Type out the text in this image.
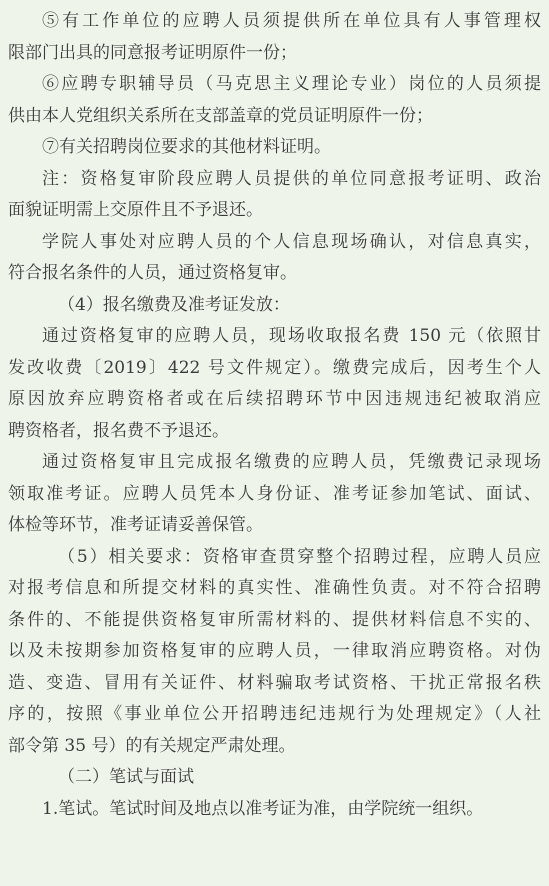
⑤有工作单位的应聘人员须提供所在单位具有人事管理权
限部门出具的同意报考证明原件一份；
⑥应聘专职辅导员（马克思主义理论专业）岗位的人员须提
供由本人党组织关系所在支部盖章的党员证明原件一份；
⑦有关招聘岗位要求的其他材料证明。
注：资格复审阶段应聘人员提供的单位同意报考证明、政治
面貌证明需上交原件且不予退还。
学院人事处对应聘人员的个人信息现场确认，对信息真实，
符合报名条件的人员，通过资格复审。
（4）报名缴费及准考证发放：
通过资格复审的应聘人员，现场收取报名费 150 元（依照甘
发改收费〔2019〕422 号文件规定）。缴费完成后，因考生个人
原因放弃应聘资格者或在后续招聘环节中因违规违纪被取消应
聘资格者，报名费不予退还。
通过资格复审且完成报名缴费的应聘人员，凭缴费记录现场
领取准考证。应聘人员凭本人身份证、准考证参加笔试、面试、
体检等环节，准考证请妥善保管。
（5）相关要求：资格审查贯穿整个招聘过程，应聘人员应
对报考信息和所提交材料的真实性、准确性负责。对不符合招聘
条件的、不能提供资格复审所需材料的、提供材料信息不实的、
以及未按期参加资格复审的应聘人员，一律取消应聘资格。对伪
造、变造、冒用有关证件、材料骗取考试资格、干扰正常报名秩
序的，按照《事业单位公开招聘违纪违规行为处理规定》（人社
部令第 35 号）的有关规定严肃处理。
（二）笔试与面试
1.笔试。笔试时间及地点以准考证为准，由学院统一组织。
